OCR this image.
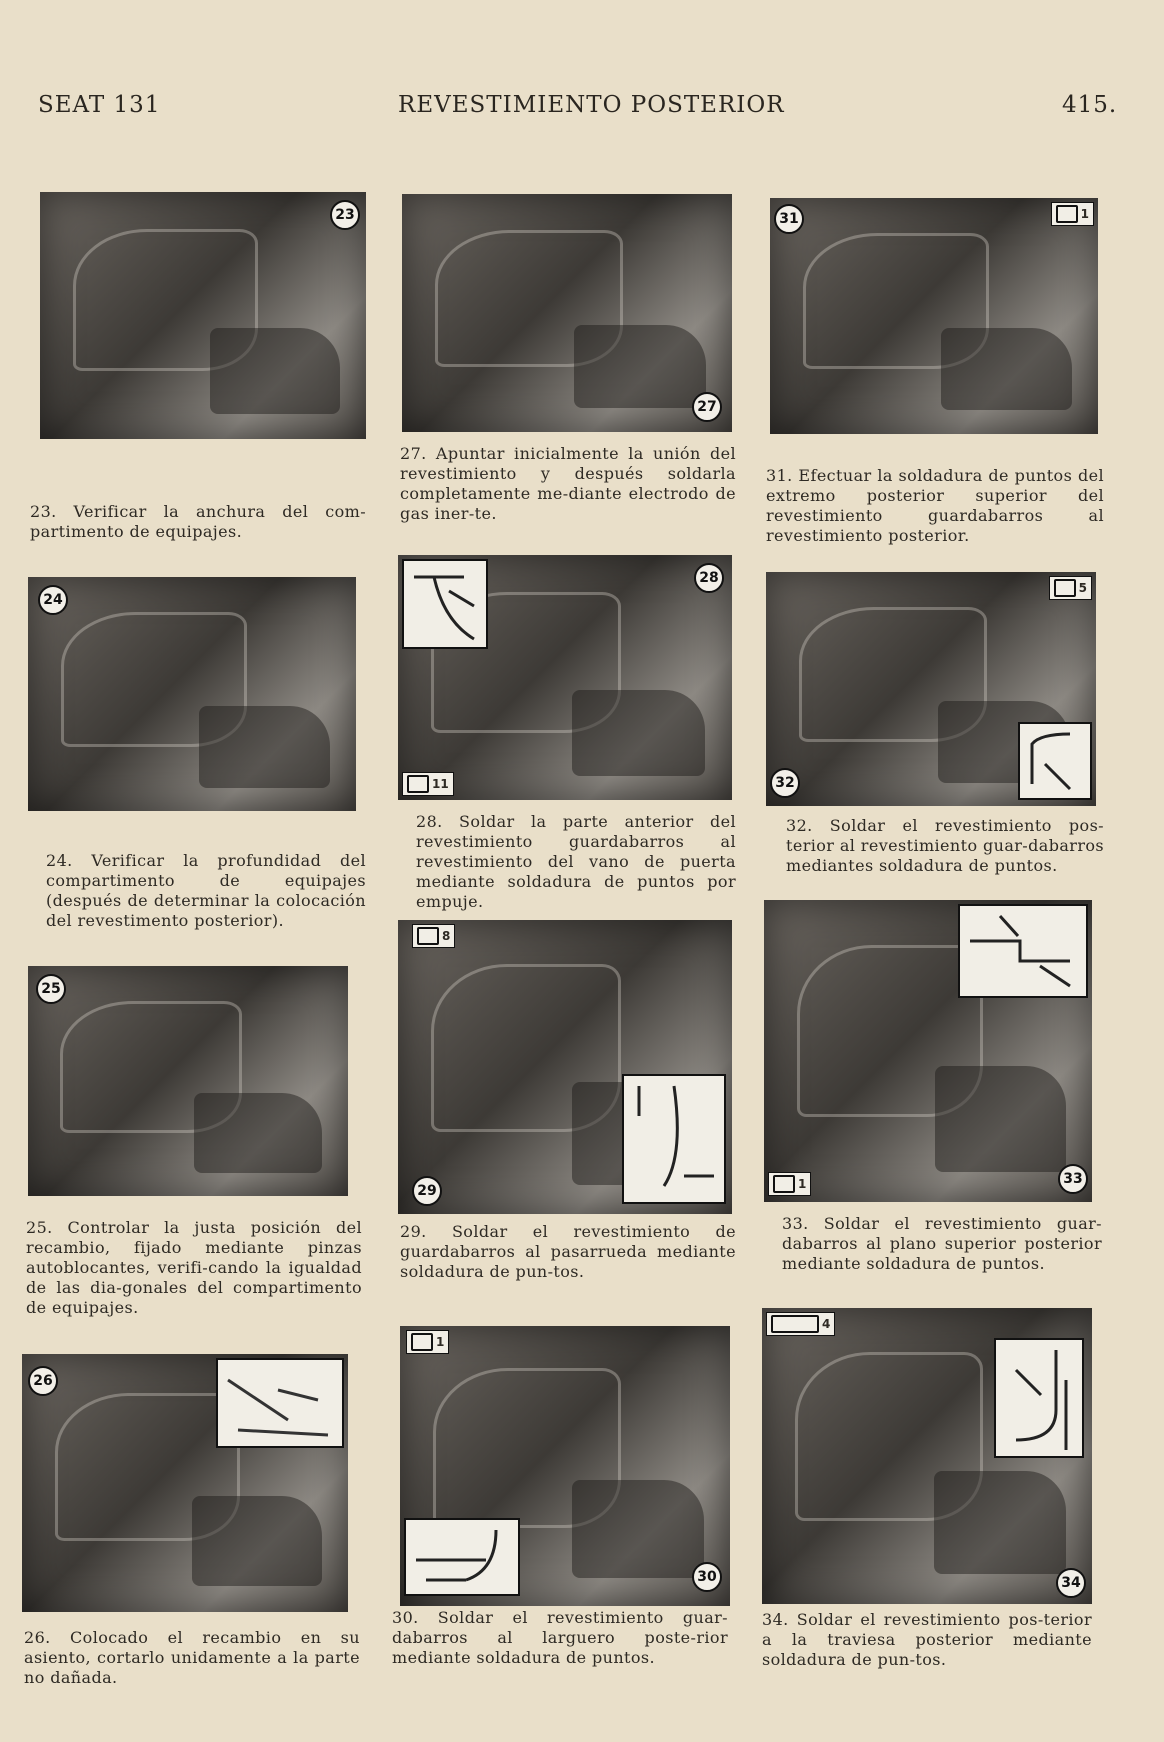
SEAT 131	REVESTIMIENTO POSTERIOR	415.
23

23. Verificar la anchura del com-partimento de equipajes.

24

24. Verificar la profundidad del compartimento de equipajes (después de determinar la colocación del revestimento posterior).

25

25. Controlar la justa posición del recambio, fijado mediante pinzas autoblocantes, verifi-cando la igualdad de las dia-gonales del compartimento de equipajes.

26

26. Colocado el recambio en su asiento, cortarlo unidamente a la parte no dañada.

27

27. Apuntar inicialmente la unión del revestimiento y después soldarla completamente me-diante electrodo de gas iner-te.

28
11

28. Soldar la parte anterior del revestimiento guardabarros al revestimiento del vano de puerta mediante soldadura de puntos por empuje.

29
8

29. Soldar el revestimiento de guardabarros al pasarrueda mediante soldadura de pun-tos.

30
1

30. Soldar el revestimiento guar-dabarros al larguero poste-rior mediante soldadura de puntos.

31	1

31. Efectuar la soldadura de puntos del extremo posterior superior del revestimiento guardabarros al revestimiento posterior.

32
5

32. Soldar el revestimiento pos-terior al revestimiento guar-dabarros mediantes soldadura de puntos.

33
1

33. Soldar el revestimiento guar-dabarros al plano superior posterior mediante soldadura de puntos.

34
4

34. Soldar el revestimiento pos-terior a la traviesa posterior mediante soldadura de pun-tos.
